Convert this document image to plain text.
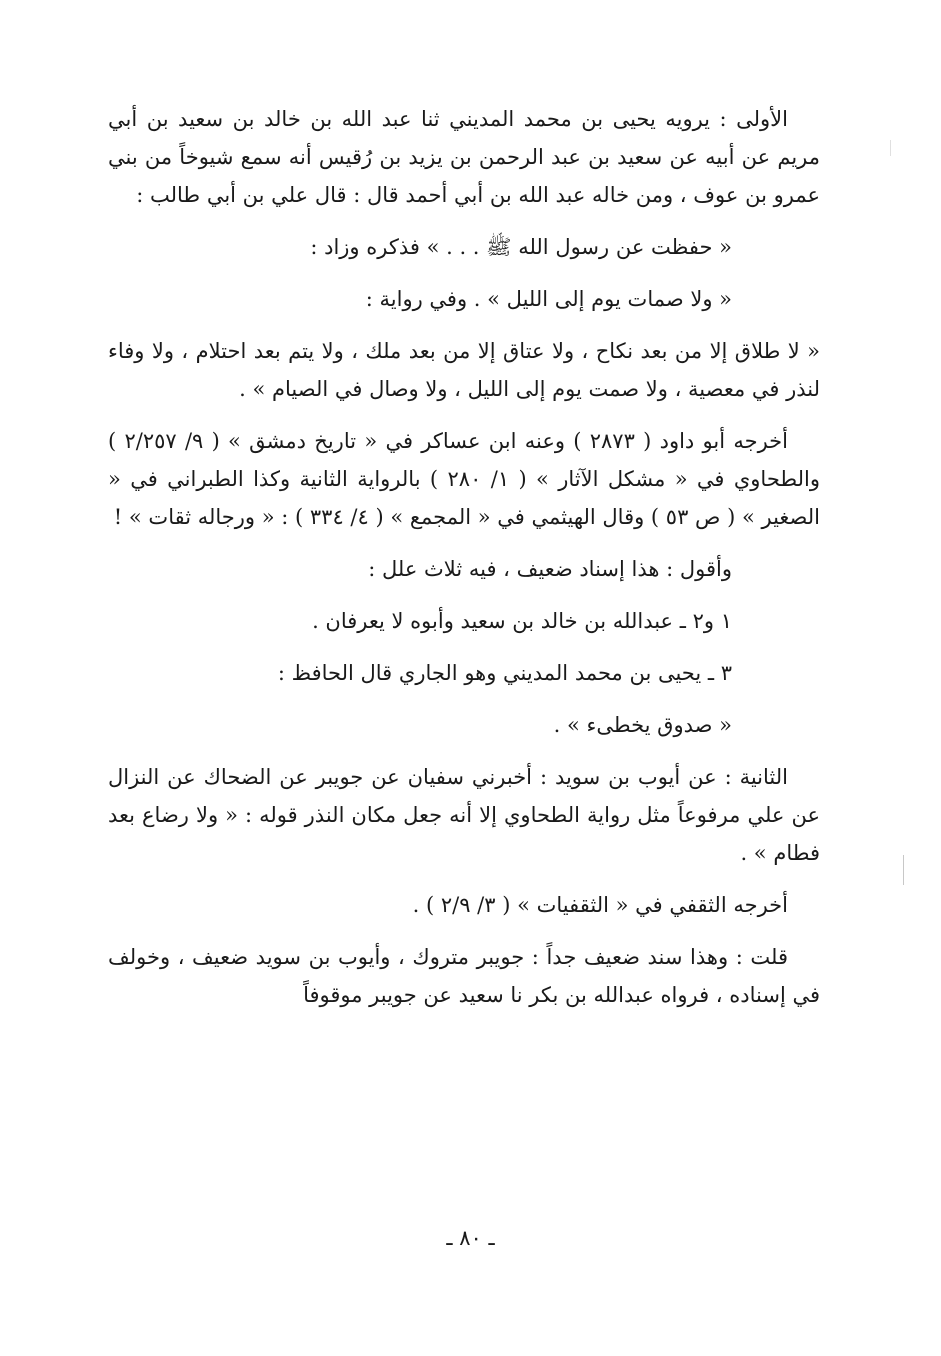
الأولى : يرويه يحيى بن محمد المديني ثنا عبد الله بن خالد بن سعيد بن أبي مريم عن أبيه عن سعيد بن عبد الرحمن بن يزيد بن رُقيس أنه سمع شيوخاً من بني عمرو بن عوف ، ومن خاله عبد الله بن أبي أحمد قال : قال علي بن أبي طالب :

« حفظت عن رسول الله ﷺ . . . » فذكره وزاد :

« ولا صمات يوم إلى الليل » . وفي رواية :

« لا طلاق إلا من بعد نكاح ، ولا عتاق إلا من بعد ملك ، ولا يتم بعد احتلام ، ولا وفاء لنذر في معصية ، ولا صمت يوم إلى الليل ، ولا وصال في الصيام » .

أخرجه أبو داود ( ٢٨٧٣ ) وعنه ابن عساكر في « تاريخ دمشق » ( ٩/ ٢/٢٥٧ ) والطحاوي في « مشكل الآثار » ( ١/ ٢٨٠ ) بالرواية الثانية وكذا الطبراني في « الصغير » ( ص ٥٣ ) وقال الهيثمي في « المجمع » ( ٤/ ٣٣٤ ) : « ورجاله ثقات » !

وأقول : هذا إسناد ضعيف ، فيه ثلاث علل :

١ و٢ ـ عبدالله بن خالد بن سعيد وأبوه لا يعرفان .

٣ ـ يحيى بن محمد المديني وهو الجاري قال الحافظ :

« صدوق يخطىء » .

الثانية : عن أيوب بن سويد : أخبرني سفيان عن جويبر عن الضحاك عن النزال عن علي مرفوعاً مثل رواية الطحاوي إلا أنه جعل مكان النذر قوله : « ولا رضاع بعد فطام » .

أخرجه الثقفي في « الثقفيات » ( ٣/ ٢/٩ ) .

قلت : وهذا سند ضعيف جداً : جويبر متروك ، وأيوب بن سويد ضعيف ، وخولف في إسناده ، فرواه عبدالله بن بكر نا سعيد عن جويبر موقوفاً

ـ ٨٠ ـ
